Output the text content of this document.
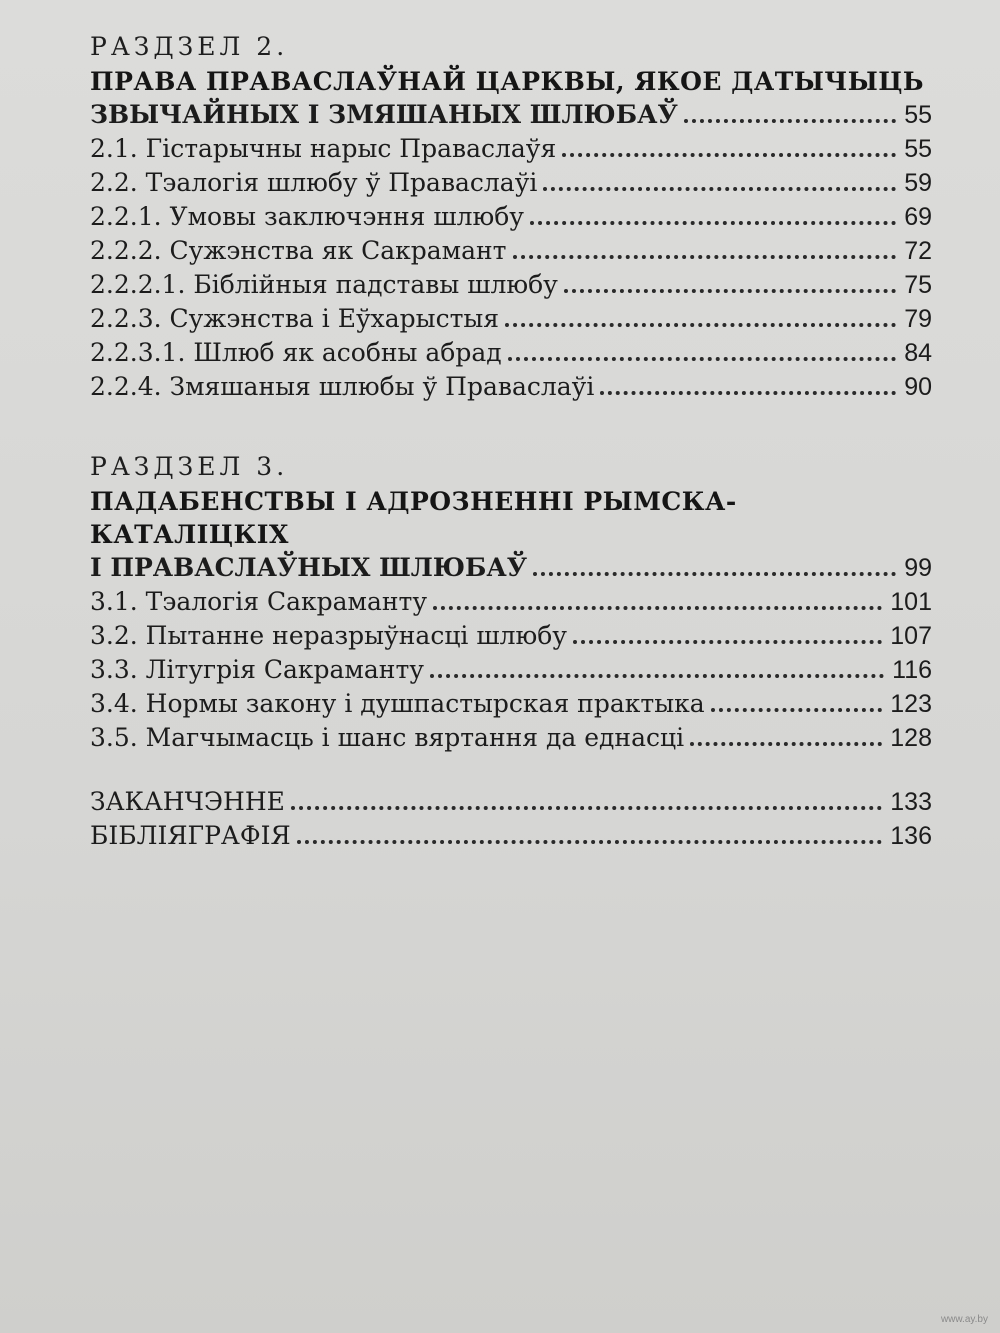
РАЗДЗЕЛ 2.
ПРАВА ПРАВАСЛАЎНАЙ ЦАРКВЫ, ЯКОЕ ДАТЫЧЫЦЬ
ЗВЫЧАЙНЫХ І ЗМЯШАНЫХ ШЛЮБАЎ	55
2.1. Гістарычны нарыс Праваслаўя	55
2.2. Тэалогія шлюбу ў Праваслаўі	59
2.2.1. Умовы заключэння шлюбу	69
2.2.2. Сужэнства як Сакрамант	72
2.2.2.1. Біблійныя падставы шлюбу	75
2.2.3. Сужэнства і Еўхарыстыя	79
2.2.3.1. Шлюб як асобны абрад	84
2.2.4. Змяшаныя шлюбы ў Праваслаўі	90
РАЗДЗЕЛ 3.
ПАДАБЕНСТВЫ І АДРОЗНЕННІ РЫМСКА-КАТАЛІЦКІХ
І ПРАВАСЛАЎНЫХ ШЛЮБАЎ	99
3.1. Тэалогія Сакраманту	101
3.2. Пытанне неразрыўнасці шлюбу	107
3.3. Літугрія Сакраманту	116
3.4. Нормы закону і душпастырская практыка	123
3.5. Магчымасць і шанс вяртання да еднасці	128
ЗАКАНЧЭННЕ	133
БІБЛІЯГРАФІЯ	136
www.ay.by
